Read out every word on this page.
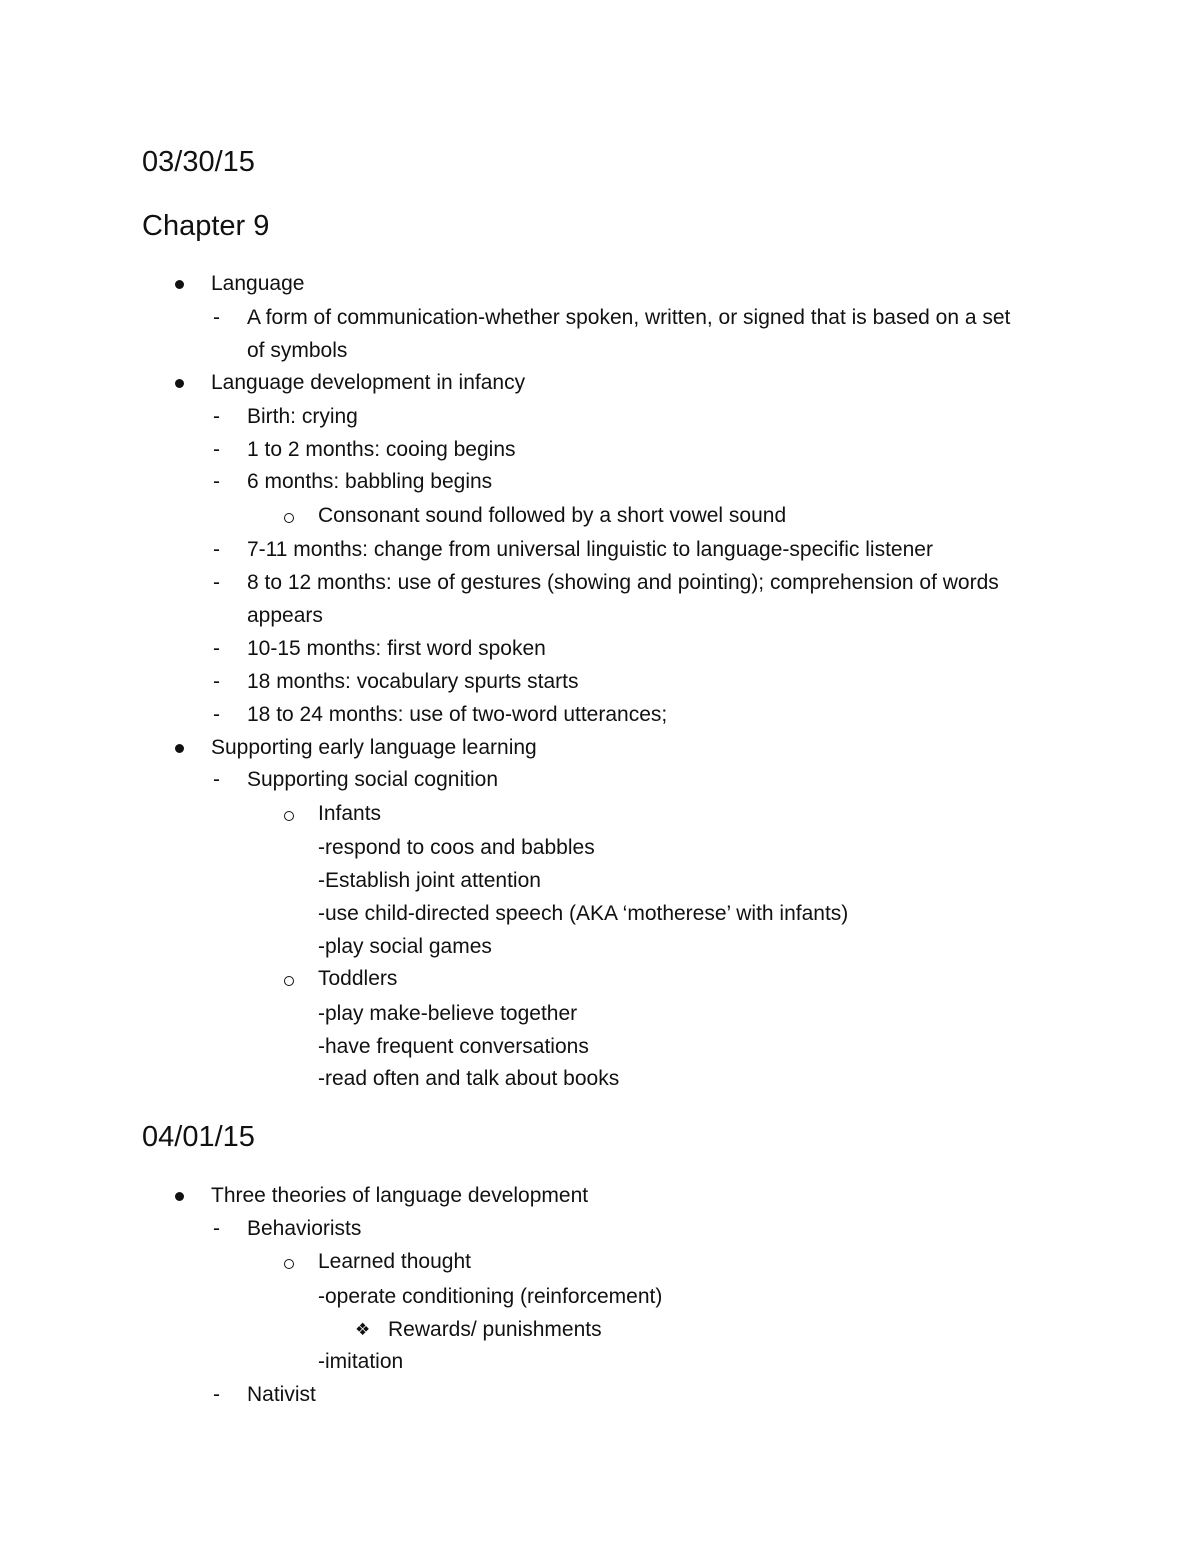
03/30/15
Chapter 9
Language
- A form of communication-whether spoken, written, or signed that is based on a set
of symbols
Language development in infancy
- Birth: crying
- 1 to 2 months: cooing begins
- 6 months: babbling begins
Consonant sound followed by a short vowel sound
- 7-11 months: change from universal linguistic to language-specific listener
- 8 to 12 months: use of gestures (showing and pointing); comprehension of words
appears
- 10-15 months: first word spoken
- 18 months: vocabulary spurts starts
- 18 to 24 months: use of two-word utterances;
Supporting early language learning
- Supporting social cognition
Infants
-respond to coos and babbles
-Establish joint attention
-use child-directed speech (AKA ‘motherese’ with infants)
-play social games
Toddlers
-play make-believe together
-have frequent conversations
-read often and talk about books
04/01/15
Three theories of language development
- Behaviorists
Learned thought
-operate conditioning (reinforcement)
❖ Rewards/ punishments
-imitation
- Nativist
